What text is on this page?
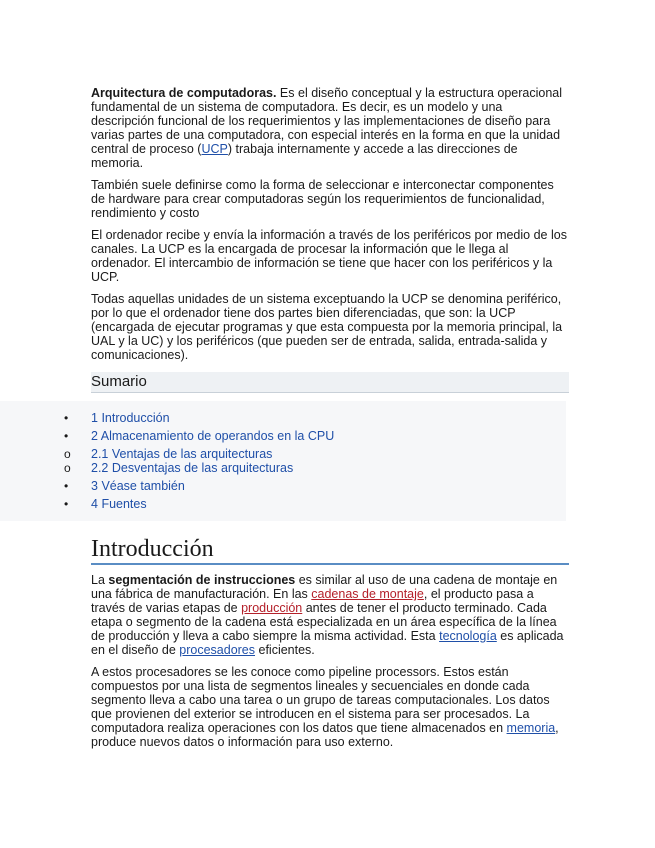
Arquitectura de computadoras. Es el diseño conceptual y la estructura operacional fundamental de un sistema de computadora. Es decir, es un modelo y una descripción funcional de los requerimientos y las implementaciones de diseño para varias partes de una computadora, con especial interés en la forma en que la unidad central de proceso (UCP) trabaja internamente y accede a las direcciones de memoria.

También suele definirse como la forma de seleccionar e interconectar componentes de hardware para crear computadoras según los requerimientos de funcionalidad, rendimiento y costo

El ordenador recibe y envía la información a través de los periféricos por medio de los canales. La UCP es la encargada de procesar la información que le llega al ordenador. El intercambio de información se tiene que hacer con los periféricos y la UCP.

Todas aquellas unidades de un sistema exceptuando la UCP se denomina periférico, por lo que el ordenador tiene dos partes bien diferenciadas, que son: la UCP (encargada de ejecutar programas y que esta compuesta por la memoria principal, la UAL y la UC) y los periféricos (que pueden ser de entrada, salida, entrada-salida y comunicaciones).

Sumario
• 1 Introducción
• 2 Almacenamiento de operandos en la CPU
o 2.1 Ventajas de las arquitecturas
o 2.2 Desventajas de las arquitecturas
• 3 Véase también
• 4 Fuentes
Introducción

La segmentación de instrucciones es similar al uso de una cadena de montaje en una fábrica de manufacturación. En las cadenas de montaje, el producto pasa a través de varias etapas de producción antes de tener el producto terminado. Cada etapa o segmento de la cadena está especializada en un área específica de la línea de producción y lleva a cabo siempre la misma actividad. Esta tecnología es aplicada en el diseño de procesadores eficientes.

A estos procesadores se les conoce como pipeline processors. Estos están compuestos por una lista de segmentos lineales y secuenciales en donde cada segmento lleva a cabo una tarea o un grupo de tareas computacionales. Los datos que provienen del exterior se introducen en el sistema para ser procesados. La computadora realiza operaciones con los datos que tiene almacenados en memoria, produce nuevos datos o información para uso externo.
